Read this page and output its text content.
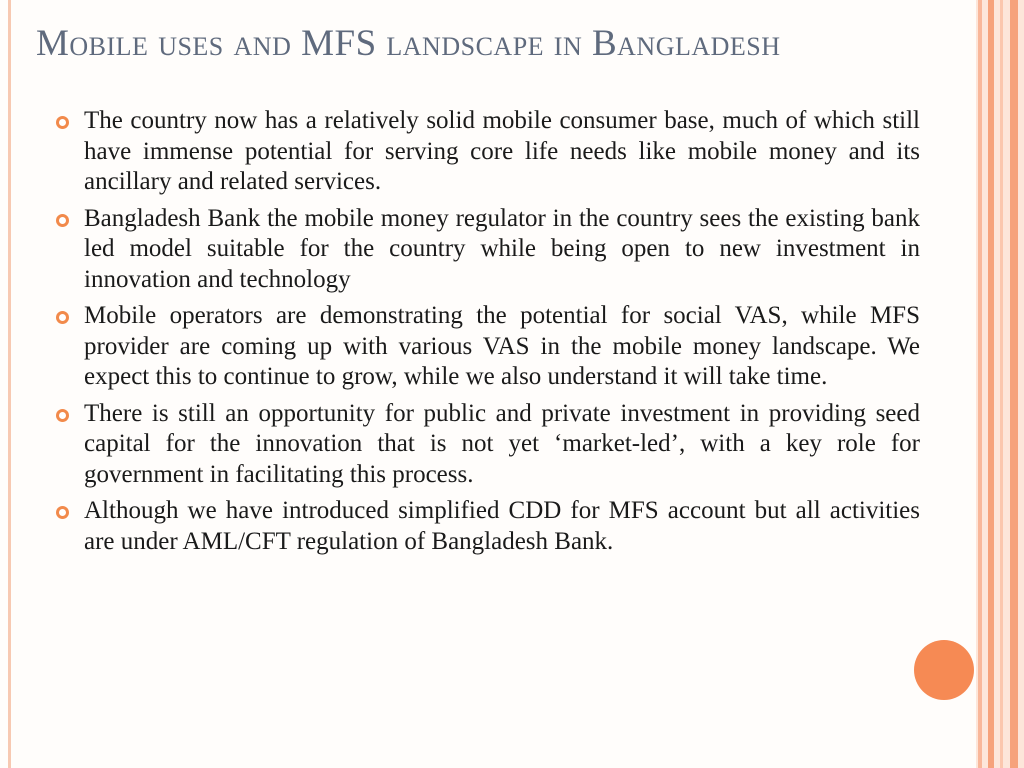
Mobile uses and MFS landscape in Bangladesh

The country now has a relatively solid mobile consumer base, much of which still have immense potential for serving core life needs like mobile money and its ancillary and related services.

Bangladesh Bank the mobile money regulator in the country sees the existing bank led model suitable for the country while being open to new investment in innovation and technology

Mobile operators are demonstrating the potential for social VAS, while MFS provider are coming up with various VAS in the mobile money landscape. We expect this to continue to grow, while we also understand it will take time.

There is still an opportunity for public and private investment in providing seed capital for the innovation that is not yet ‘market-led’, with a key role for government in facilitating this process.

Although we have introduced simplified CDD for MFS account but all activities are under AML/CFT regulation of Bangladesh Bank.
